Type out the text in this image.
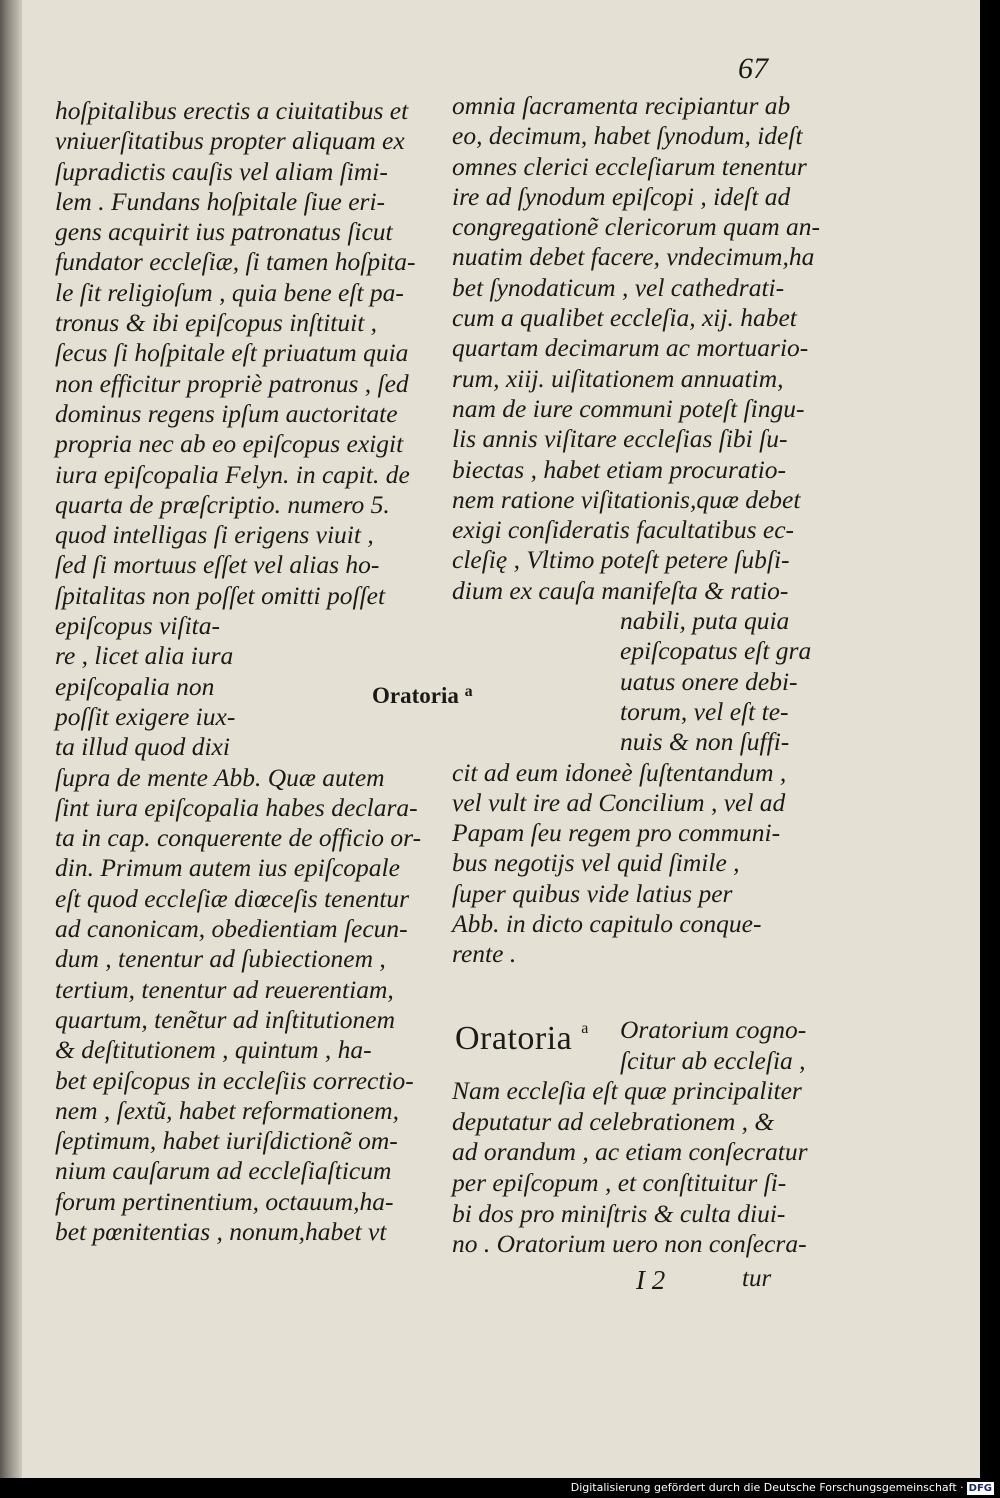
67
hoſpitalibus erectis a ciuitatibus et
vniuerſitatibus propter aliquam ex
ſupradictis cauſis vel aliam ſimi-
lem . Fundans hoſpitale ſiue eri-
gens acquirit ius patronatus ſicut
fundator eccleſiæ, ſi tamen hoſpita-
le ſit religioſum , quia bene eſt pa-
tronus & ibi epiſcopus inſtituit ,
ſecus ſi hoſpitale eſt priuatum quia
non efficitur propriè patronus , ſed
dominus regens ipſum auctoritate
propria nec ab eo epiſcopus exigit
iura epiſcopalia Felyn. in capit. de
quarta de præſcriptio. numero 5.
quod intelligas ſi erigens viuit ,
ſed ſi mortuus eſſet vel alias ho-
ſpitalitas non poſſet omitti poſſet
epiſcopus viſita-
re , licet alia iura
epiſcopalia non
poſſit exigere iux-
ta illud quod dixi
ſupra de mente Abb. Quæ autem
ſint iura epiſcopalia habes declara-
ta in cap. conquerente de officio or-
din. Primum autem ius epiſcopale
eſt quod eccleſiæ diœceſis tenentur
ad canonicam, obedientiam ſecun-
dum , tenentur ad ſubiectionem ,
tertium, tenentur ad reuerentiam,
quartum, tenẽtur ad inſtitutionem
& deſtitutionem , quintum , ha-
bet epiſcopus in eccleſiis correctio-
nem , ſextũ, habet reformationem,
ſeptimum, habet iuriſdictionẽ om-
nium cauſarum ad eccleſiaſticum
forum pertinentium, octauum,ha-
bet pœnitentias , nonum,habet vt
omnia ſacramenta recipiantur ab
eo, decimum, habet ſynodum, ideſt
omnes clerici eccleſiarum tenentur
ire ad ſynodum epiſcopi , ideſt ad
congregationẽ clericorum quam an-
nuatim debet facere, vndecimum,ha
bet ſynodaticum , vel cathedrati-
cum a qualibet eccleſia, xij. habet
quartam decimarum ac mortuario-
rum, xiij. uiſitationem annuatim,
nam de iure communi poteſt ſingu-
lis annis viſitare eccleſias ſibi ſu-
biectas , habet etiam procuratio-
nem ratione viſitationis,quæ debet
exigi conſideratis facultatibus ec-
cleſię , Vltimo poteſt petere ſubſi-
dium ex cauſa manifeſta & ratio-
nabili, puta quia
epiſcopatus eſt gra
uatus onere debi-
torum, vel eſt te-
nuis & non ſuffi-
cit ad eum idoneè ſuſtentandum ,
vel vult ire ad Concilium , vel ad
Papam ſeu regem pro communi-
bus negotijs vel quid ſimile ,
ſuper quibus vide latius per
Abb. in dicto capitulo conque-
rente .
Oratoria $^a$
Oratoria $^a$	Oratorium cogno-
ſcitur ab eccleſia ,
Nam eccleſia eſt quæ principaliter
deputatur ad celebrationem , &
ad orandum , ac etiam conſecratur
per epiſcopum , et conſtituitur ſi-
bi dos pro miniſtris & culta diui-
no . Oratorium uero non conſecra-
I 2	tur
Digitalisierung gefördert durch die Deutsche Forschungsgemeinschaft · DFG
